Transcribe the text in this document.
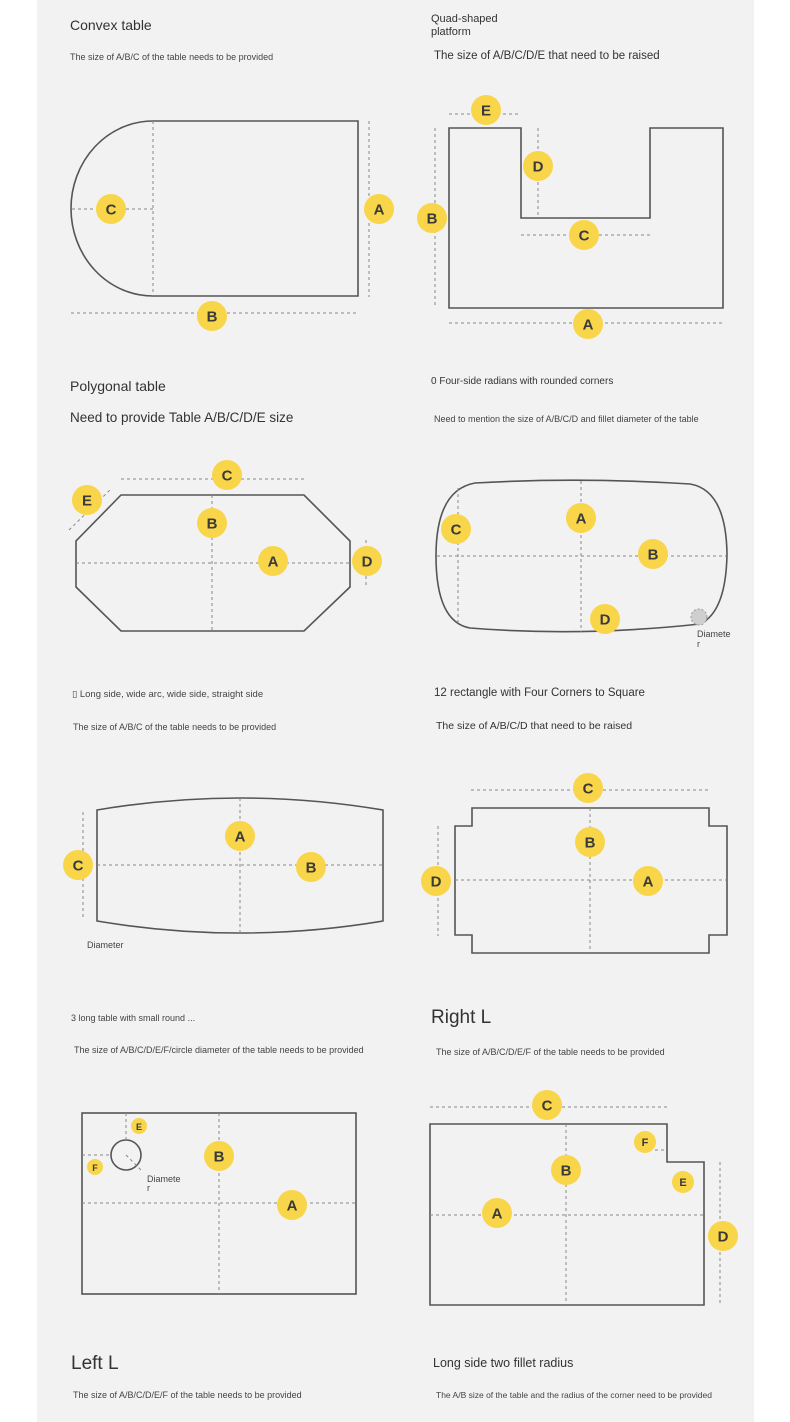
Convex table
The size of A/B/C of the table needs to be provided
Quad-shaped platform
The size of A/B/C/D/E that need to be raised
Polygonal table
Need to provide Table A/B/C/D/E size
0 Four-side radians with rounded corners
Need to mention the size of A/B/C/D and fillet diameter of the table
▯ Long side, wide arc, wide side, straight side
The size of A/B/C of the table needs to be provided
12 rectangle with Four Corners to Square
The size of A/B/C/D that need to be raised
3 long table with small round ...
The size of A/B/C/D/E/F/circle diameter of the table needs to be provided
Right L
The size of A/B/C/D/E/F of the table needs to be provided
Left L
The size of A/B/C/D/E/F of the table needs to be provided
Long side two fillet radius
The A/B size of the table and the radius of the corner need to be provided
C	A
B
E
D
B
C
A
C
E
B
A	D
A
C
B
D
Diamete
r
A
C	B
Diameter
C
B
D	A
E
F
B
A
Diamete
r
C
F
B
E
A
D
